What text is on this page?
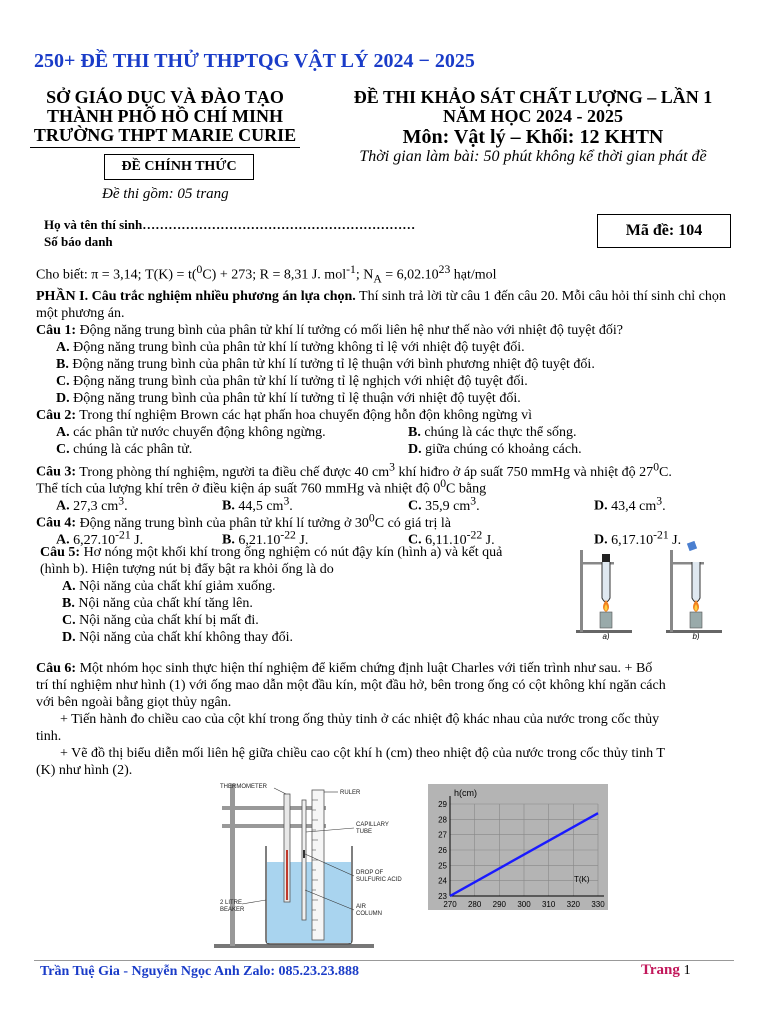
250+ ĐỀ THI THỬ THPTQG VẬT LÝ 2024 − 2025
SỞ GIÁO DỤC VÀ ĐÀO TẠO
THÀNH PHỐ HỒ CHÍ MINH
TRƯỜNG THPT MARIE CURIE
ĐỀ CHÍNH THỨC
Đề thi gồm: 05 trang
ĐỀ THI KHẢO SÁT CHẤT LƯỢNG – LẦN 1
NĂM HỌC 2024 - 2025
Môn: Vật lý – Khối: 12 KHTN
Thời gian làm bài: 50 phút không kể thời gian phát đề
Họ và tên thí sinh………………………………………………………
Số báo danh
Mã đề: 104
Cho biết: π = 3,14; T(K) = t($^0$C) + 273; R = 8,31 J. mol$^{-1}$; $N_A = 6,02.10^{23}$ hạt/mol
PHẦN I. Câu trắc nghiệm nhiều phương án lựa chọn. Thí sinh trả lời từ câu 1 đến câu 20. Mỗi câu hỏi thí sinh chỉ chọn một phương án.
Câu 1: Động năng trung bình của phân tử khí lí tưởng có mối liên hệ như thế nào với nhiệt độ tuyệt đối?
A. Động năng trung bình của phân tử khí lí tưởng không tỉ lệ với nhiệt độ tuyệt đối.
B. Động năng trung bình của phân tử khí lí tưởng tỉ lệ thuận với bình phương nhiệt độ tuyệt đối.
C. Động năng trung bình của phân tử khí lí tưởng tỉ lệ nghịch với nhiệt độ tuyệt đối.
D. Động năng trung bình của phân tử khí lí tưởng tỉ lệ thuận với nhiệt độ tuyệt đối.
Câu 2: Trong thí nghiệm Brown các hạt phấn hoa chuyển động hỗn độn không ngừng vì
A. các phân tử nước chuyển động không ngừng.	B. chúng là các thực thể sống.
C. chúng là các phân tử.	D. giữa chúng có khoảng cách.
Câu 3: Trong phòng thí nghiệm, người ta điều chế được 40 $cm^3$ khí hiđro ở áp suất 750 mmHg và nhiệt độ $27^0C$.
Thể tích của lượng khí trên ở điều kiện áp suất 760 mmHg và nhiệt độ $0^0C$ bằng
A. 27,3 $cm^3$.	B. 44,5 $cm^3$.	C. 35,9 $cm^3$.	D. 43,4 $cm^3$.
Câu 4: Động năng trung bình của phân tử khí lí tưởng ở $30^0C$ có giá trị là
A. $6,27.10^{-21}$ J.	B. $6,21.10^{-22}$ J.	C. $6,11.10^{-22}$ J.	D. $6,17.10^{-21}$ J.
Câu 5: Hơ nóng một khối khí trong ống nghiệm có nút đậy kín (hình a) và kết quả
(hình b). Hiện tượng nút bị đẩy bật ra khỏi ống là do
A. Nội năng của chất khí giảm xuống.
B. Nội năng của chất khí tăng lên.
C. Nội năng của chất khí bị mất đi.
D. Nội năng của chất khí không thay đổi.	a)	b)
Câu 6: Một nhóm học sinh thực hiện thí nghiệm để kiểm chứng định luật Charles với tiến trình như sau. + Bố
trí thí nghiệm như hình (1) với ống mao dẫn một đầu kín, một đầu hở, bên trong ống có cột không khí ngăn cách
với bên ngoài bằng giọt thủy ngân.
+ Tiến hành đo chiều cao của cột khí trong ống thủy tinh ở các nhiệt độ khác nhau của nước trong cốc thủy
tinh.
+ Vẽ đồ thị biểu diễn mối liên hệ giữa chiều cao cột khí h (cm) theo nhiệt độ của nước trong cốc thủy tinh T
(K) như hình (2).
THERMOMETER
RULER
CAPILLARY
TUBE
DROP OF
SULFURIC ACID
AIR
COLUMN
2 LITRE
BEAKER
270 280 290 300 310 320 330
23
24
25
26
27
28
29
h(cm)
T(K)
Trần Tuệ Gia - Nguyễn Ngọc Anh Zalo: 085.23.23.888	Trang 1
